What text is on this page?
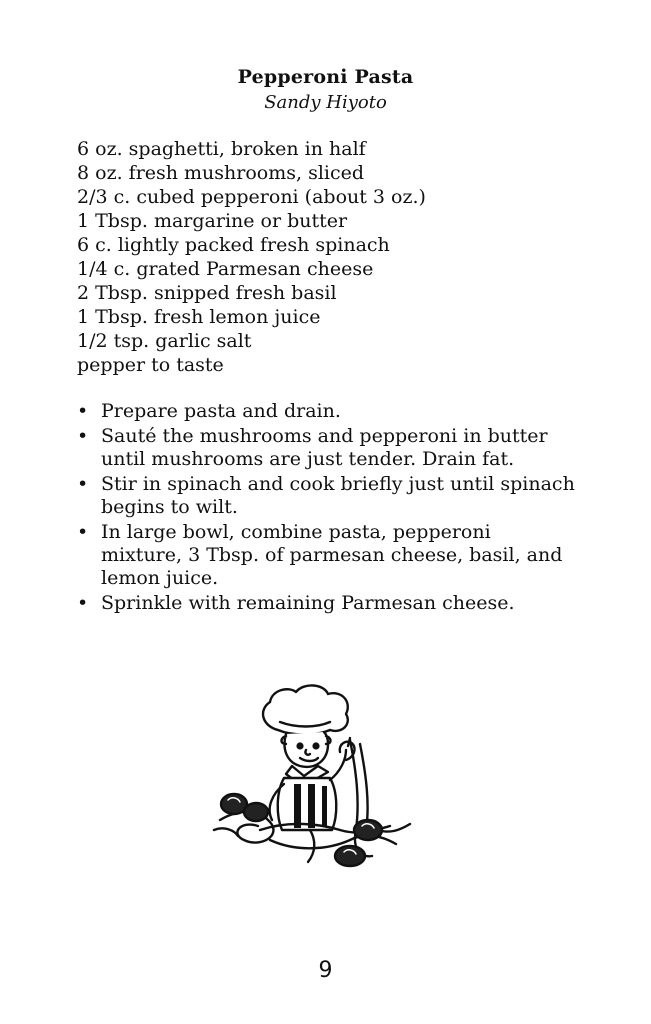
Pepperoni Pasta
Sandy Hiyoto
6 oz. spaghetti, broken in half
8 oz. fresh mushrooms, sliced
2/3 c. cubed pepperoni (about 3 oz.)
1 Tbsp. margarine or butter
6 c. lightly packed fresh spinach
1/4 c. grated Parmesan cheese
2 Tbsp. snipped fresh basil
1 Tbsp. fresh lemon juice
1/2 tsp. garlic salt
pepper to taste
• Prepare pasta and drain.
• Sauté the mushrooms and pepperoni in butter until mushrooms are just tender. Drain fat.
• Stir in spinach and cook briefly just until spinach begins to wilt.
• In large bowl, combine pasta, pepperoni mixture, 3 Tbsp. of parmesan cheese, basil, and lemon juice.
• Sprinkle with remaining Parmesan cheese.
9
